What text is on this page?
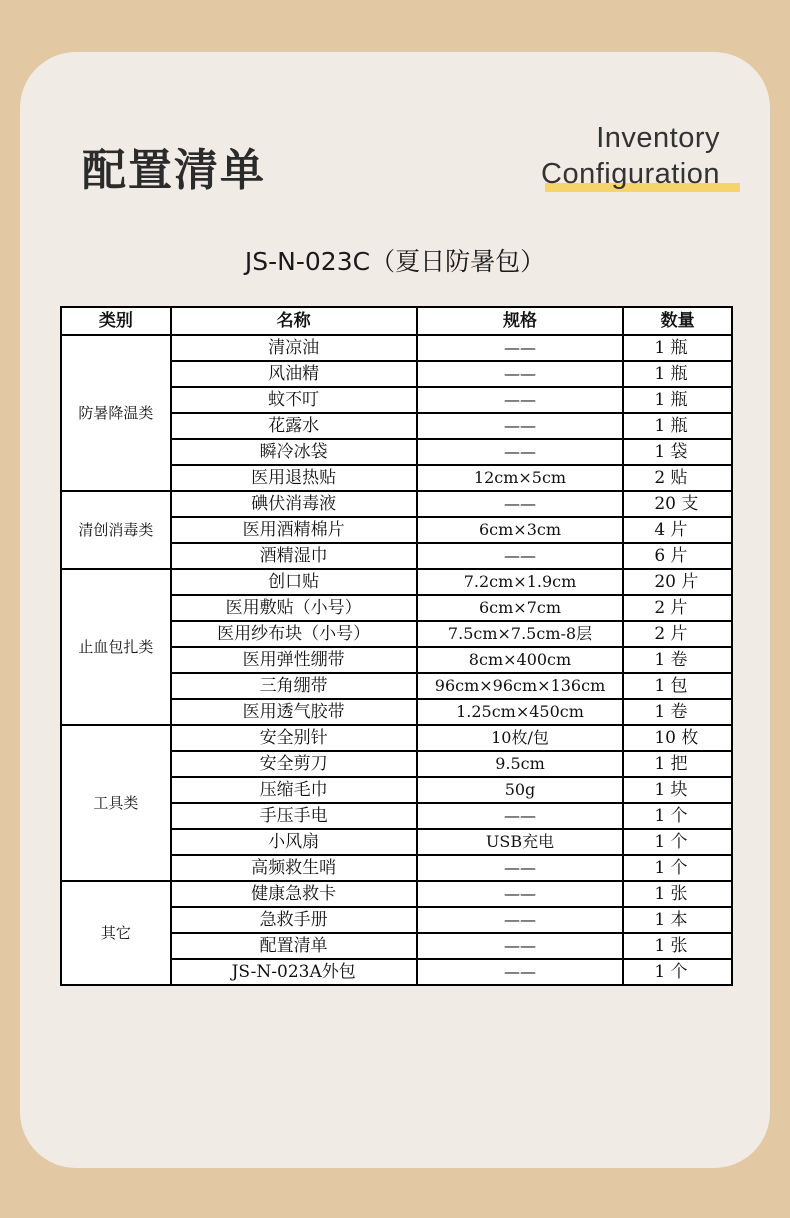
配置清单
Inventory
Configuration
JS-N-023C（夏日防暑包）
类别	名称	规格	数量
防暑降温类	清凉油	——	1 瓶
	风油精	——	1 瓶
	蚊不叮	——	1 瓶
	花露水	——	1 瓶
	瞬冷冰袋	——	1 袋
	医用退热贴	12cm×5cm	2 贴
清创消毒类	碘伏消毒液	——	20 支
	医用酒精棉片	6cm×3cm	4 片
	酒精湿巾	——	6 片
止血包扎类	创口贴	7.2cm×1.9cm	20 片
	医用敷贴（小号）	6cm×7cm	2 片
	医用纱布块（小号）	7.5cm×7.5cm-8层	2 片
	医用弹性绷带	8cm×400cm	1 卷
	三角绷带	96cm×96cm×136cm	1 包
	医用透气胶带	1.25cm×450cm	1 卷
工具类	安全别针	10枚/包	10 枚
	安全剪刀	9.5cm	1 把
	压缩毛巾	50g	1 块
	手压手电	——	1 个
	小风扇	USB充电	1 个
	高频救生哨	——	1 个
其它	健康急救卡	——	1 张
	急救手册	——	1 本
	配置清单	——	1 张
	JS-N-023A外包	——	1 个
